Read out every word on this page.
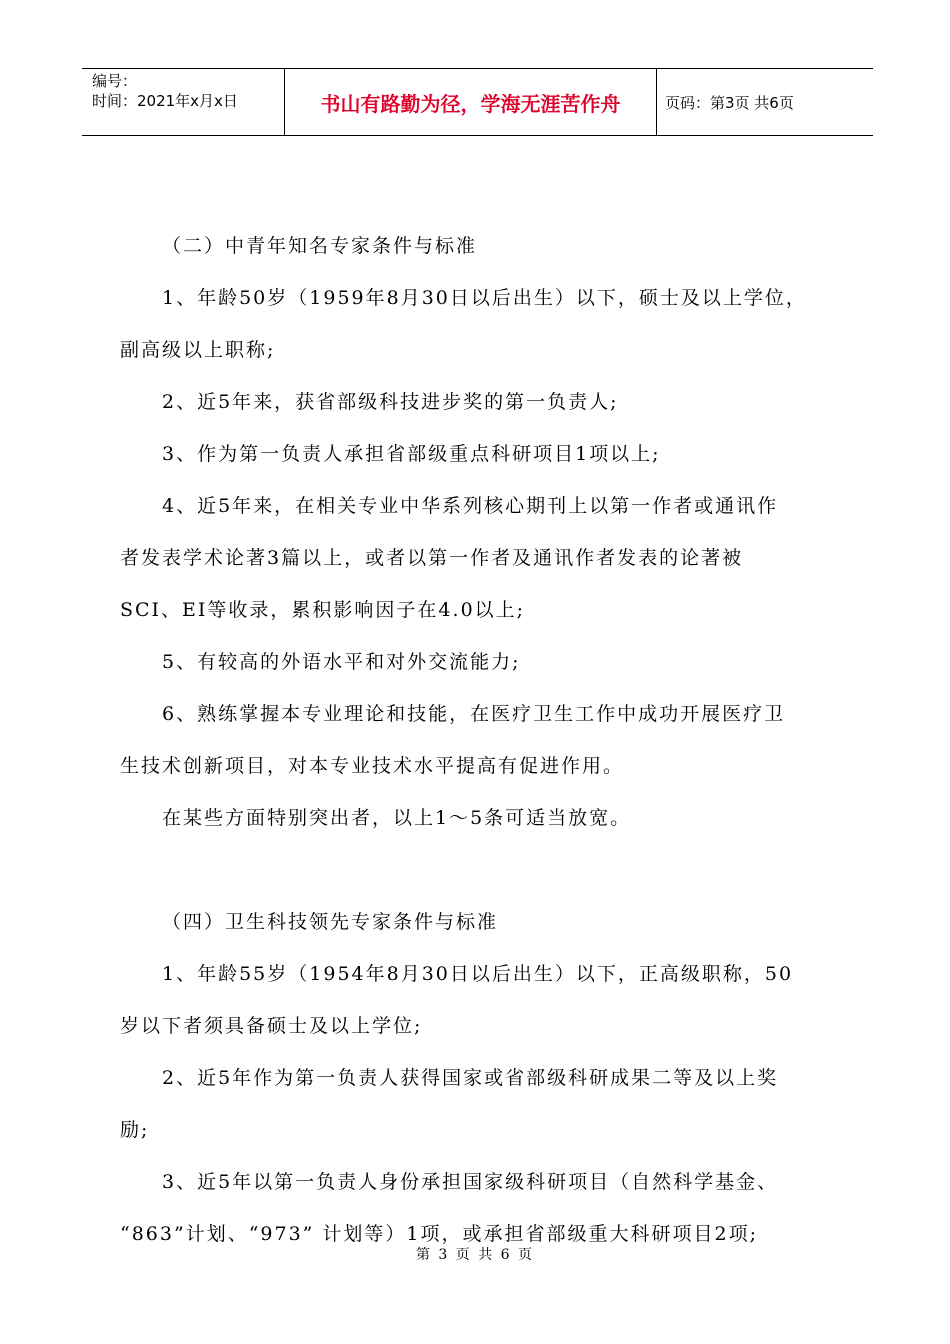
编号：
时间：2021年x月x日	书山有路勤为径，学海无涯苦作舟	页码：第3页 共6页

（二）中青年知名专家条件与标准

1、年龄50岁（1959年8月30日以后出生）以下，硕士及以上学位，

副高级以上职称;

2、近5年来，获省部级科技进步奖的第一负责人;

3、作为第一负责人承担省部级重点科研项目1项以上;

4、近5年来，在相关专业中华系列核心期刊上以第一作者或通讯作

者发表学术论著3篇以上，或者以第一作者及通讯作者发表的论著被

SCI、EI等收录，累积影响因子在4.0以上;

5、有较高的外语水平和对外交流能力;

6、熟练掌握本专业理论和技能，在医疗卫生工作中成功开展医疗卫

生技术创新项目，对本专业技术水平提高有促进作用。

在某些方面特别突出者，以上1～5条可适当放宽。

（四）卫生科技领先专家条件与标准

1、年龄55岁（1954年8月30日以后出生）以下，正高级职称，50

岁以下者须具备硕士及以上学位;

2、近5年作为第一负责人获得国家或省部级科研成果二等及以上奖

励;

3、近5年以第一负责人身份承担国家级科研项目（自然科学基金、

“863”计划、“973” 计划等）1项，或承担省部级重大科研项目2项;

第 3 页 共 6 页
